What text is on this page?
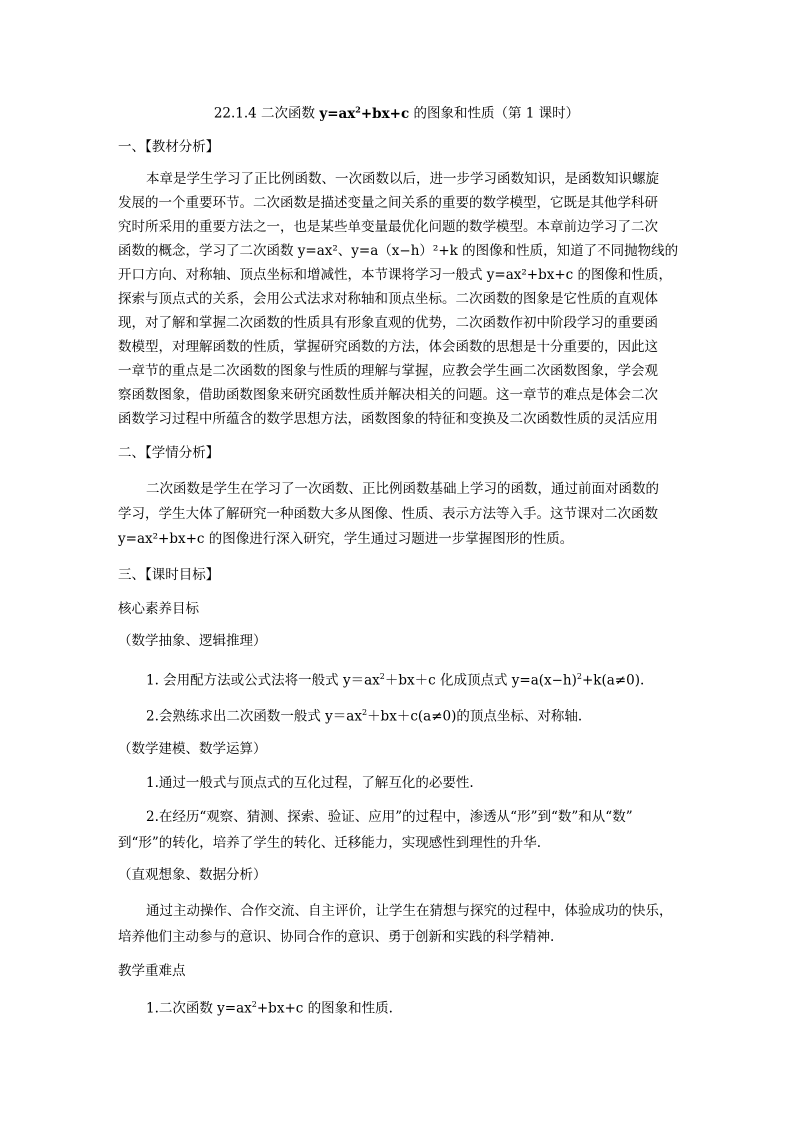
22.1.4 二次函数 $y=ax^2+bx+c$ 的图象和性质（第 1 课时）
一、【教材分析】
本章是学生学习了正比例函数、一次函数以后，进一步学习函数知识，是函数知识螺旋
发展的一个重要环节。二次函数是描述变量之间关系的重要的数学模型，它既是其他学科研
究时所采用的重要方法之一，也是某些单变量最优化问题的数学模型。本章前边学习了二次
函数的概念，学习了二次函数 y=ax²、y=a（x−h）²+k 的图像和性质，知道了不同抛物线的
开口方向、对称轴、顶点坐标和增减性，本节课将学习一般式 y=ax²+bx+c 的图像和性质，
探索与顶点式的关系，会用公式法求对称轴和顶点坐标。二次函数的图象是它性质的直观体
现，对了解和掌握二次函数的性质具有形象直观的优势，二次函数作初中阶段学习的重要函
数模型，对理解函数的性质，掌握研究函数的方法，体会函数的思想是十分重要的，因此这
一章节的重点是二次函数的图象与性质的理解与掌握，应教会学生画二次函数图象，学会观
察函数图象，借助函数图象来研究函数性质并解决相关的问题。这一章节的难点是体会二次
函数学习过程中所蕴含的数学思想方法，函数图象的特征和变换及二次函数性质的灵活应用
二、【学情分析】
二次函数是学生在学习了一次函数、正比例函数基础上学习的函数，通过前面对函数的
学习，学生大体了解研究一种函数大多从图像、性质、表示方法等入手。这节课对二次函数
y=ax²+bx+c 的图像进行深入研究，学生通过习题进一步掌握图形的性质。
三、【课时目标】
核心素养目标
（数学抽象、逻辑推理）
1. 会用配方法或公式法将一般式 $y=ax^2+bx+c$ 化成顶点式 $y=a(x-h)^2+k(a\ne 0)$.
2.会熟练求出二次函数一般式 $y=ax^2+bx+c(a\ne 0)$的顶点坐标、对称轴.
（数学建模、数学运算）
1.通过一般式与顶点式的互化过程，了解互化的必要性.
2.在经历“观察、猜测、探索、验证、应用”的过程中，渗透从“形”到“数”和从“数”
到“形”的转化，培养了学生的转化、迁移能力，实现感性到理性的升华.
（直观想象、数据分析）
通过主动操作、合作交流、自主评价，让学生在猜想与探究的过程中，体验成功的快乐，
培养他们主动参与的意识、协同合作的意识、勇于创新和实践的科学精神.
教学重难点
1.二次函数 $y=ax^2+bx+c$ 的图象和性质.
